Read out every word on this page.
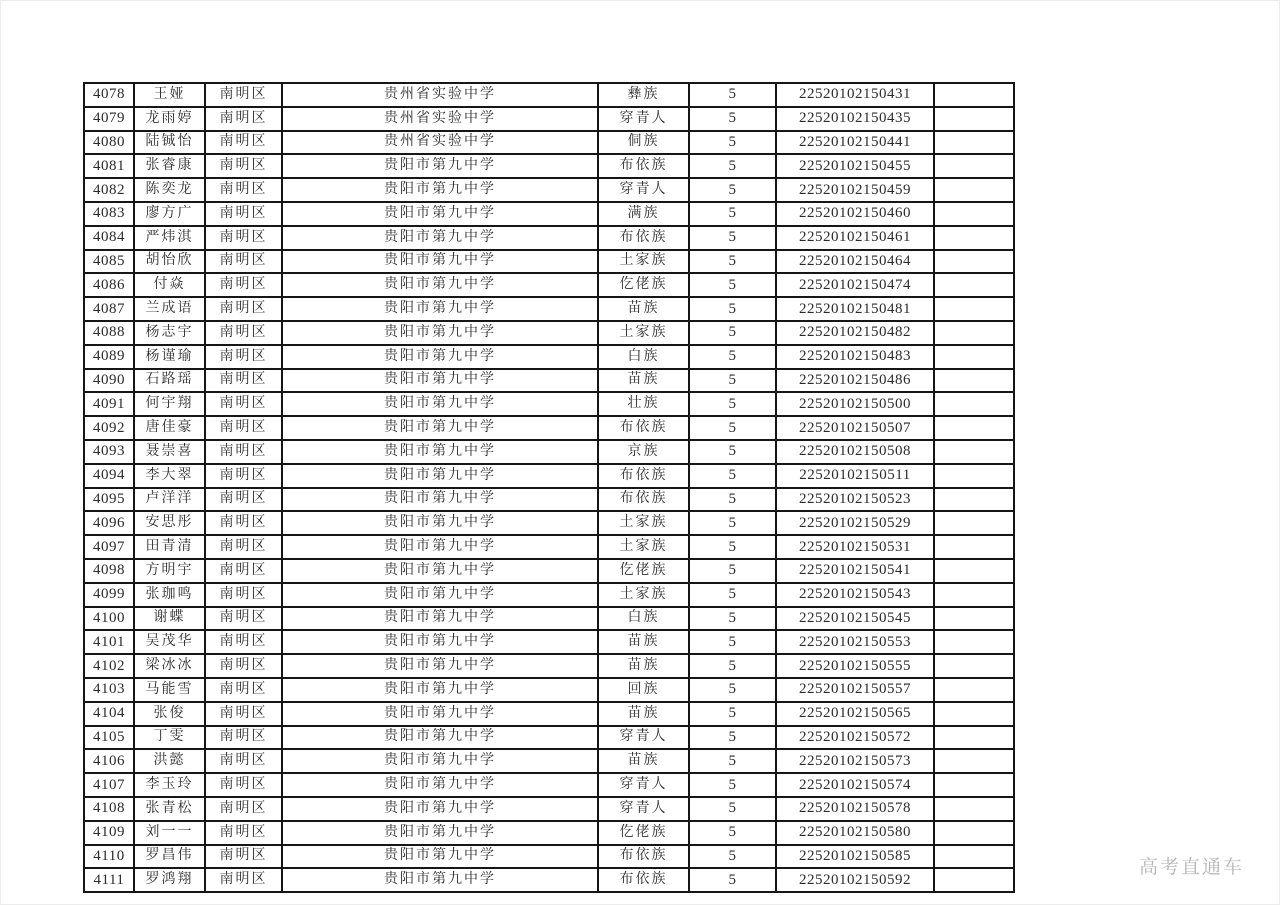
4078	王娅	南明区	贵州省实验中学	彝族	5	22520102150431	
4079	龙雨婷	南明区	贵州省实验中学	穿青人	5	22520102150435	
4080	陆铖怡	南明区	贵州省实验中学	侗族	5	22520102150441	
4081	张睿康	南明区	贵阳市第九中学	布依族	5	22520102150455	
4082	陈奕龙	南明区	贵阳市第九中学	穿青人	5	22520102150459	
4083	廖方广	南明区	贵阳市第九中学	满族	5	22520102150460	
4084	严炜淇	南明区	贵阳市第九中学	布依族	5	22520102150461	
4085	胡怡欣	南明区	贵阳市第九中学	土家族	5	22520102150464	
4086	付焱	南明区	贵阳市第九中学	仡佬族	5	22520102150474	
4087	兰成语	南明区	贵阳市第九中学	苗族	5	22520102150481	
4088	杨志宇	南明区	贵阳市第九中学	土家族	5	22520102150482	
4089	杨谨瑜	南明区	贵阳市第九中学	白族	5	22520102150483	
4090	石路瑶	南明区	贵阳市第九中学	苗族	5	22520102150486	
4091	何宇翔	南明区	贵阳市第九中学	壮族	5	22520102150500	
4092	唐佳豪	南明区	贵阳市第九中学	布依族	5	22520102150507	
4093	聂崇喜	南明区	贵阳市第九中学	京族	5	22520102150508	
4094	李大翠	南明区	贵阳市第九中学	布依族	5	22520102150511	
4095	卢洋洋	南明区	贵阳市第九中学	布依族	5	22520102150523	
4096	安思彤	南明区	贵阳市第九中学	土家族	5	22520102150529	
4097	田青清	南明区	贵阳市第九中学	土家族	5	22520102150531	
4098	方明宇	南明区	贵阳市第九中学	仡佬族	5	22520102150541	
4099	张珈鸣	南明区	贵阳市第九中学	土家族	5	22520102150543	
4100	谢蝶	南明区	贵阳市第九中学	白族	5	22520102150545	
4101	吴茂华	南明区	贵阳市第九中学	苗族	5	22520102150553	
4102	梁冰冰	南明区	贵阳市第九中学	苗族	5	22520102150555	
4103	马能雪	南明区	贵阳市第九中学	回族	5	22520102150557	
4104	张俊	南明区	贵阳市第九中学	苗族	5	22520102150565	
4105	丁雯	南明区	贵阳市第九中学	穿青人	5	22520102150572	
4106	洪懿	南明区	贵阳市第九中学	苗族	5	22520102150573	
4107	李玉玲	南明区	贵阳市第九中学	穿青人	5	22520102150574	
4108	张青松	南明区	贵阳市第九中学	穿青人	5	22520102150578	
4109	刘一一	南明区	贵阳市第九中学	仡佬族	5	22520102150580	
4110	罗昌伟	南明区	贵阳市第九中学	布依族	5	22520102150585	
4111	罗鸿翔	南明区	贵阳市第九中学	布依族	5	22520102150592	
高考直通车
